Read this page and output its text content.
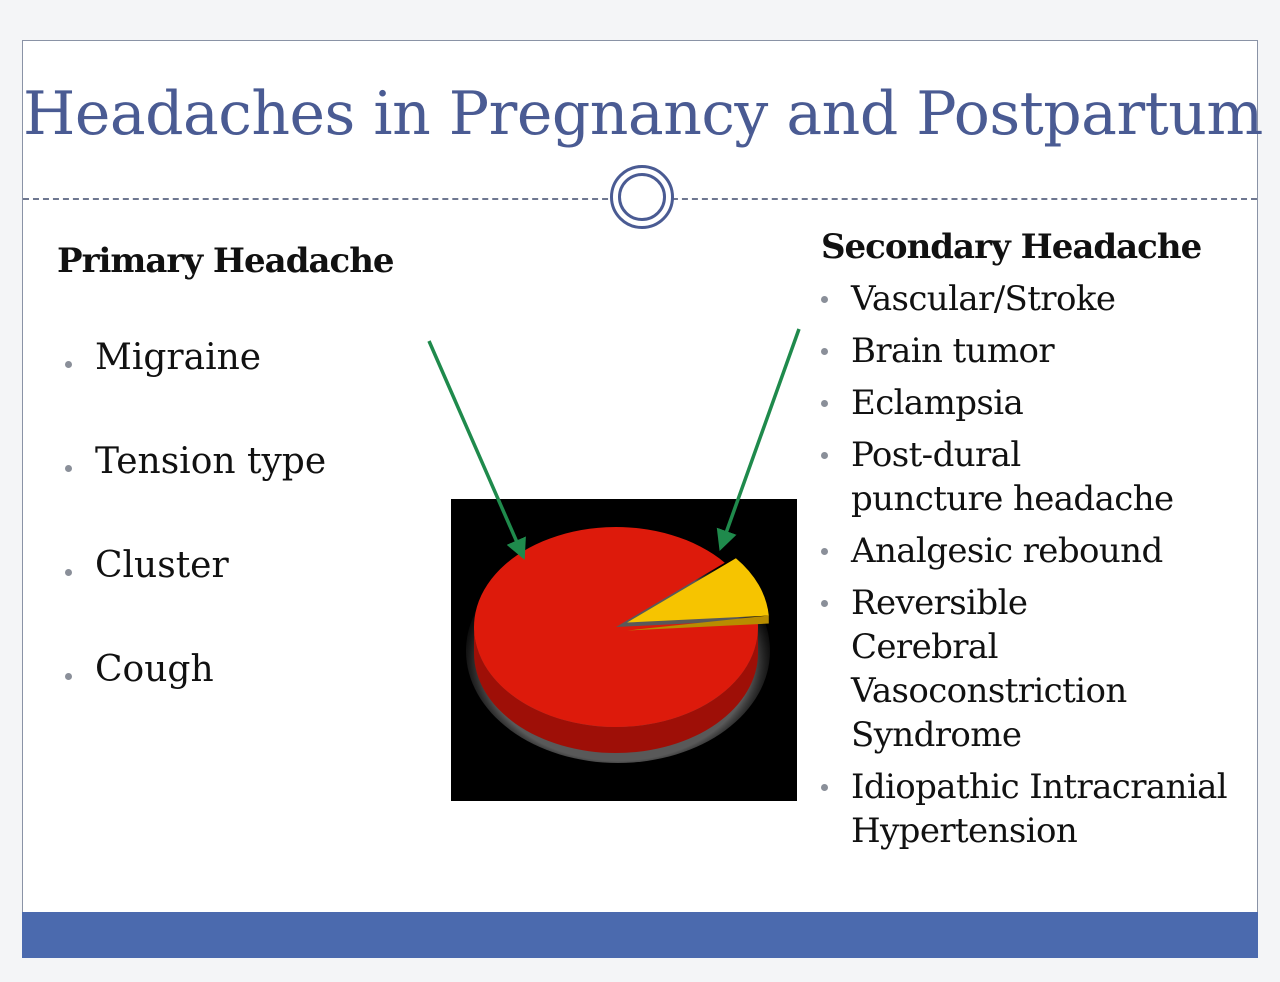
Headaches in Pregnancy and Postpartum
Primary Headache
Migraine
Tension type
Cluster
Cough
Secondary Headache
Vascular/Stroke
Brain tumor
Eclampsia
Post-dural puncture headache
Analgesic rebound
Reversible Cerebral Vasoconstriction Syndrome
Idiopathic Intracranial Hypertension
